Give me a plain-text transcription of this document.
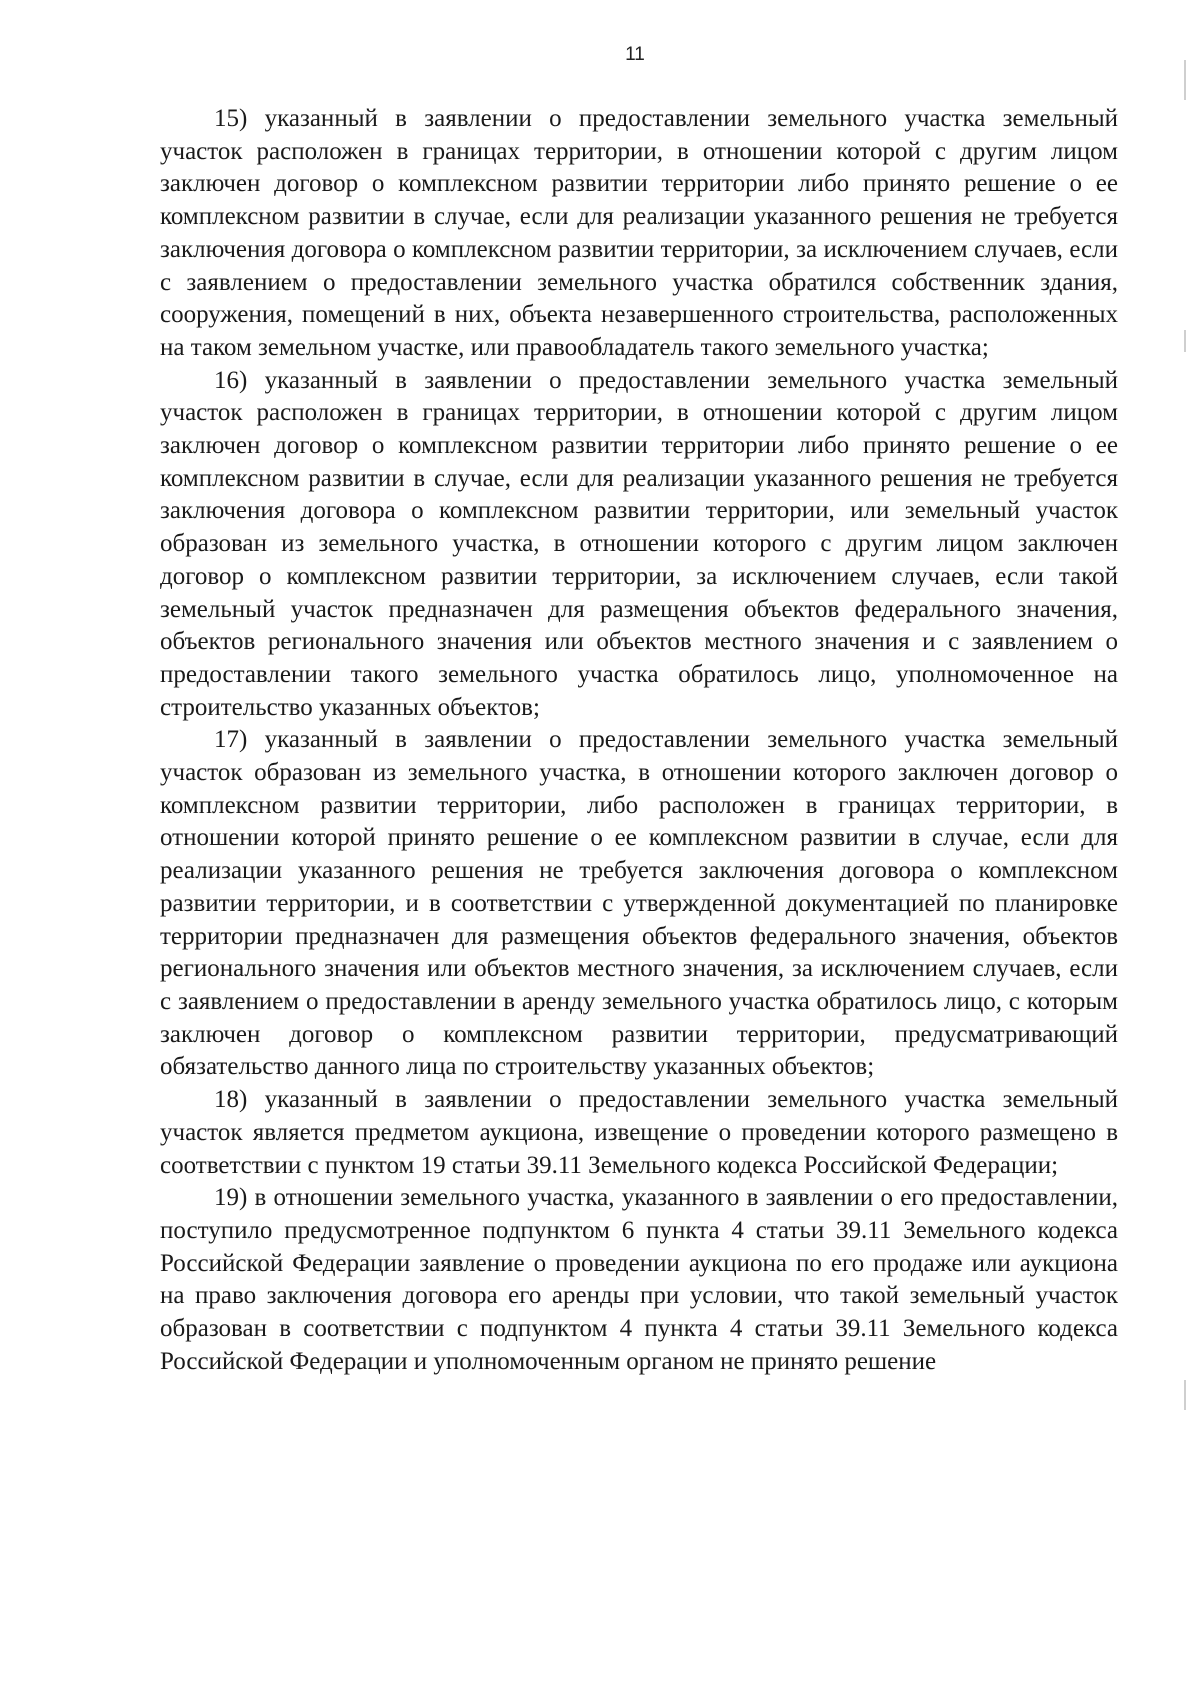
11

15) указанный в заявлении о предоставлении земельного участка земельный участок расположен в границах территории, в отношении которой с другим лицом заключен договор о комплексном развитии территории либо принято решение о ее комплексном развитии в случае, если для реализации указанного решения не требуется заключения договора о комплексном развитии территории, за исключением случаев, если с заявлением о предоставлении земельного участка обратился собственник здания, сооружения, помещений в них, объекта незавершенного строительства, расположенных на таком земельном участке, или правообладатель такого земельного участка;

16) указанный в заявлении о предоставлении земельного участка земельный участок расположен в границах территории, в отношении которой с другим лицом заключен договор о комплексном развитии территории либо принято решение о ее комплексном развитии в случае, если для реализации указанного решения не требуется заключения договора о комплексном развитии территории, или земельный участок образован из земельного участка, в отношении которого с другим лицом заключен договор о комплексном развитии территории, за исключением случаев, если такой земельный участок предназначен для размещения объектов федерального значения, объектов регионального значения или объектов местного значения и с заявлением о предоставлении такого земельного участка обратилось лицо, уполномоченное на строительство указанных объектов;

17) указанный в заявлении о предоставлении земельного участка земельный участок образован из земельного участка, в отношении которого заключен договор о комплексном развитии территории, либо расположен в границах территории, в отношении которой принято решение о ее комплексном развитии в случае, если для реализации указанного решения не требуется заключения договора о комплексном развитии территории, и в соответствии с утвержденной документацией по планировке территории предназначен для размещения объектов федерального значения, объектов регионального значения или объектов местного значения, за исключением случаев, если с заявлением о предоставлении в аренду земельного участка обратилось лицо, с которым заключен договор о комплексном развитии территории, предусматривающий обязательство данного лица по строительству указанных объектов;

18) указанный в заявлении о предоставлении земельного участка земельный участок является предметом аукциона, извещение о проведении которого размещено в соответствии с пунктом 19 статьи 39.11 Земельного кодекса Российской Федерации;

19) в отношении земельного участка, указанного в заявлении о его предоставлении, поступило предусмотренное подпунктом 6 пункта 4 статьи 39.11 Земельного кодекса Российской Федерации заявление о проведении аукциона по его продаже или аукциона на право заключения договора его аренды при условии, что такой земельный участок образован в соответствии с подпунктом 4 пункта 4 статьи 39.11 Земельного кодекса Российской Федерации и уполномоченным органом не принято решение
